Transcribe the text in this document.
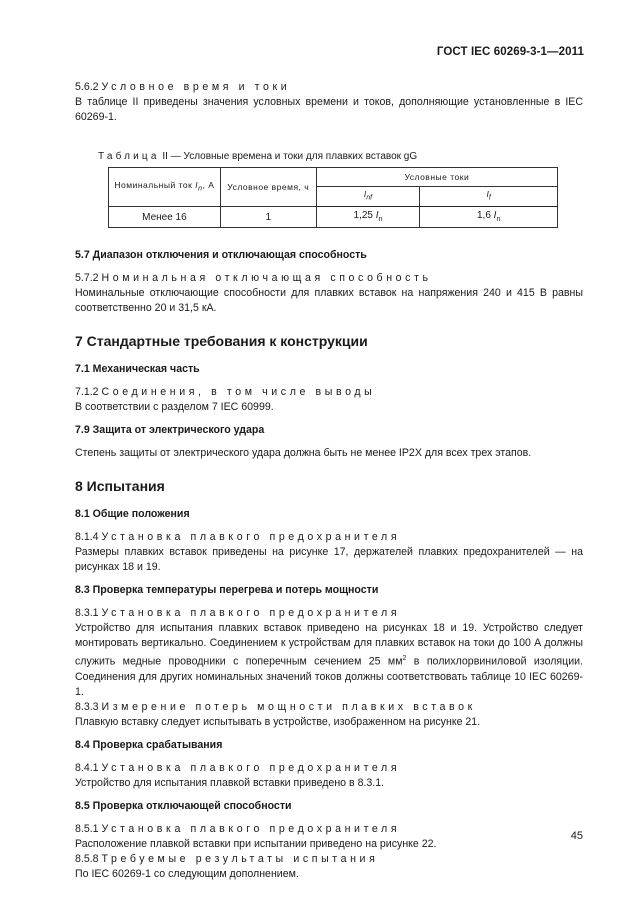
ГОСТ IEC 60269-3-1—2011

5.6.2 Условное время и токи

В таблице II приведены значения условных времени и токов, дополняющие установленные в IEC 60269-1.

Таблица II — Условные времена и токи для плавких вставок gG
Номинальный ток $I_n$, А	Условное время, ч	Условные токи	
		$I_{nf}$	$I_f$
Менее 16	1	1,25 $I_n$	1,6 $I_n$

5.7 Диапазон отключения и отключающая способность

5.7.2 Номинальная отключающая способность

Номинальные отключающие способности для плавких вставок на напряжения 240 и 415 В равны соответственно 20 и 31,5 кА.

7 Стандартные требования к конструкции

7.1 Механическая часть

7.1.2 Соединения, в том числе выводы

В соответствии с разделом 7 IEC 60999.

7.9 Защита от электрического удара

Степень защиты от электрического удара должна быть не менее IP2X для всех трех этапов.

8 Испытания

8.1 Общие положения

8.1.4 Установка плавкого предохранителя

Размеры плавких вставок приведены на рисунке 17, держателей плавких предохранителей — на рисунках 18 и 19.

8.3 Проверка температуры перегрева и потерь мощности

8.3.1 Установка плавкого предохранителя

Устройство для испытания плавких вставок приведено на рисунках 18 и 19. Устройство следует монтировать вертикально. Соединением к устройствам для плавких вставок на токи до 100 А должны служить медные проводники с поперечным сечением 25 $мм^2$ в полихлорвиниловой изоляции. Соединения для других номинальных значений токов должны соответствовать таблице 10 IEC 60269-1.

8.3.3 Измерение потерь мощности плавких вставок

Плавкую вставку следует испытывать в устройстве, изображенном на рисунке 21.

8.4 Проверка срабатывания

8.4.1 Установка плавкого предохранителя

Устройство для испытания плавкой вставки приведено в 8.3.1.

8.5 Проверка отключающей способности

8.5.1 Установка плавкого предохранителя

Расположение плавкой вставки при испытании приведено на рисунке 22.

8.5.8 Требуемые результаты испытания

По IEC 60269-1 со следующим дополнением.

45
